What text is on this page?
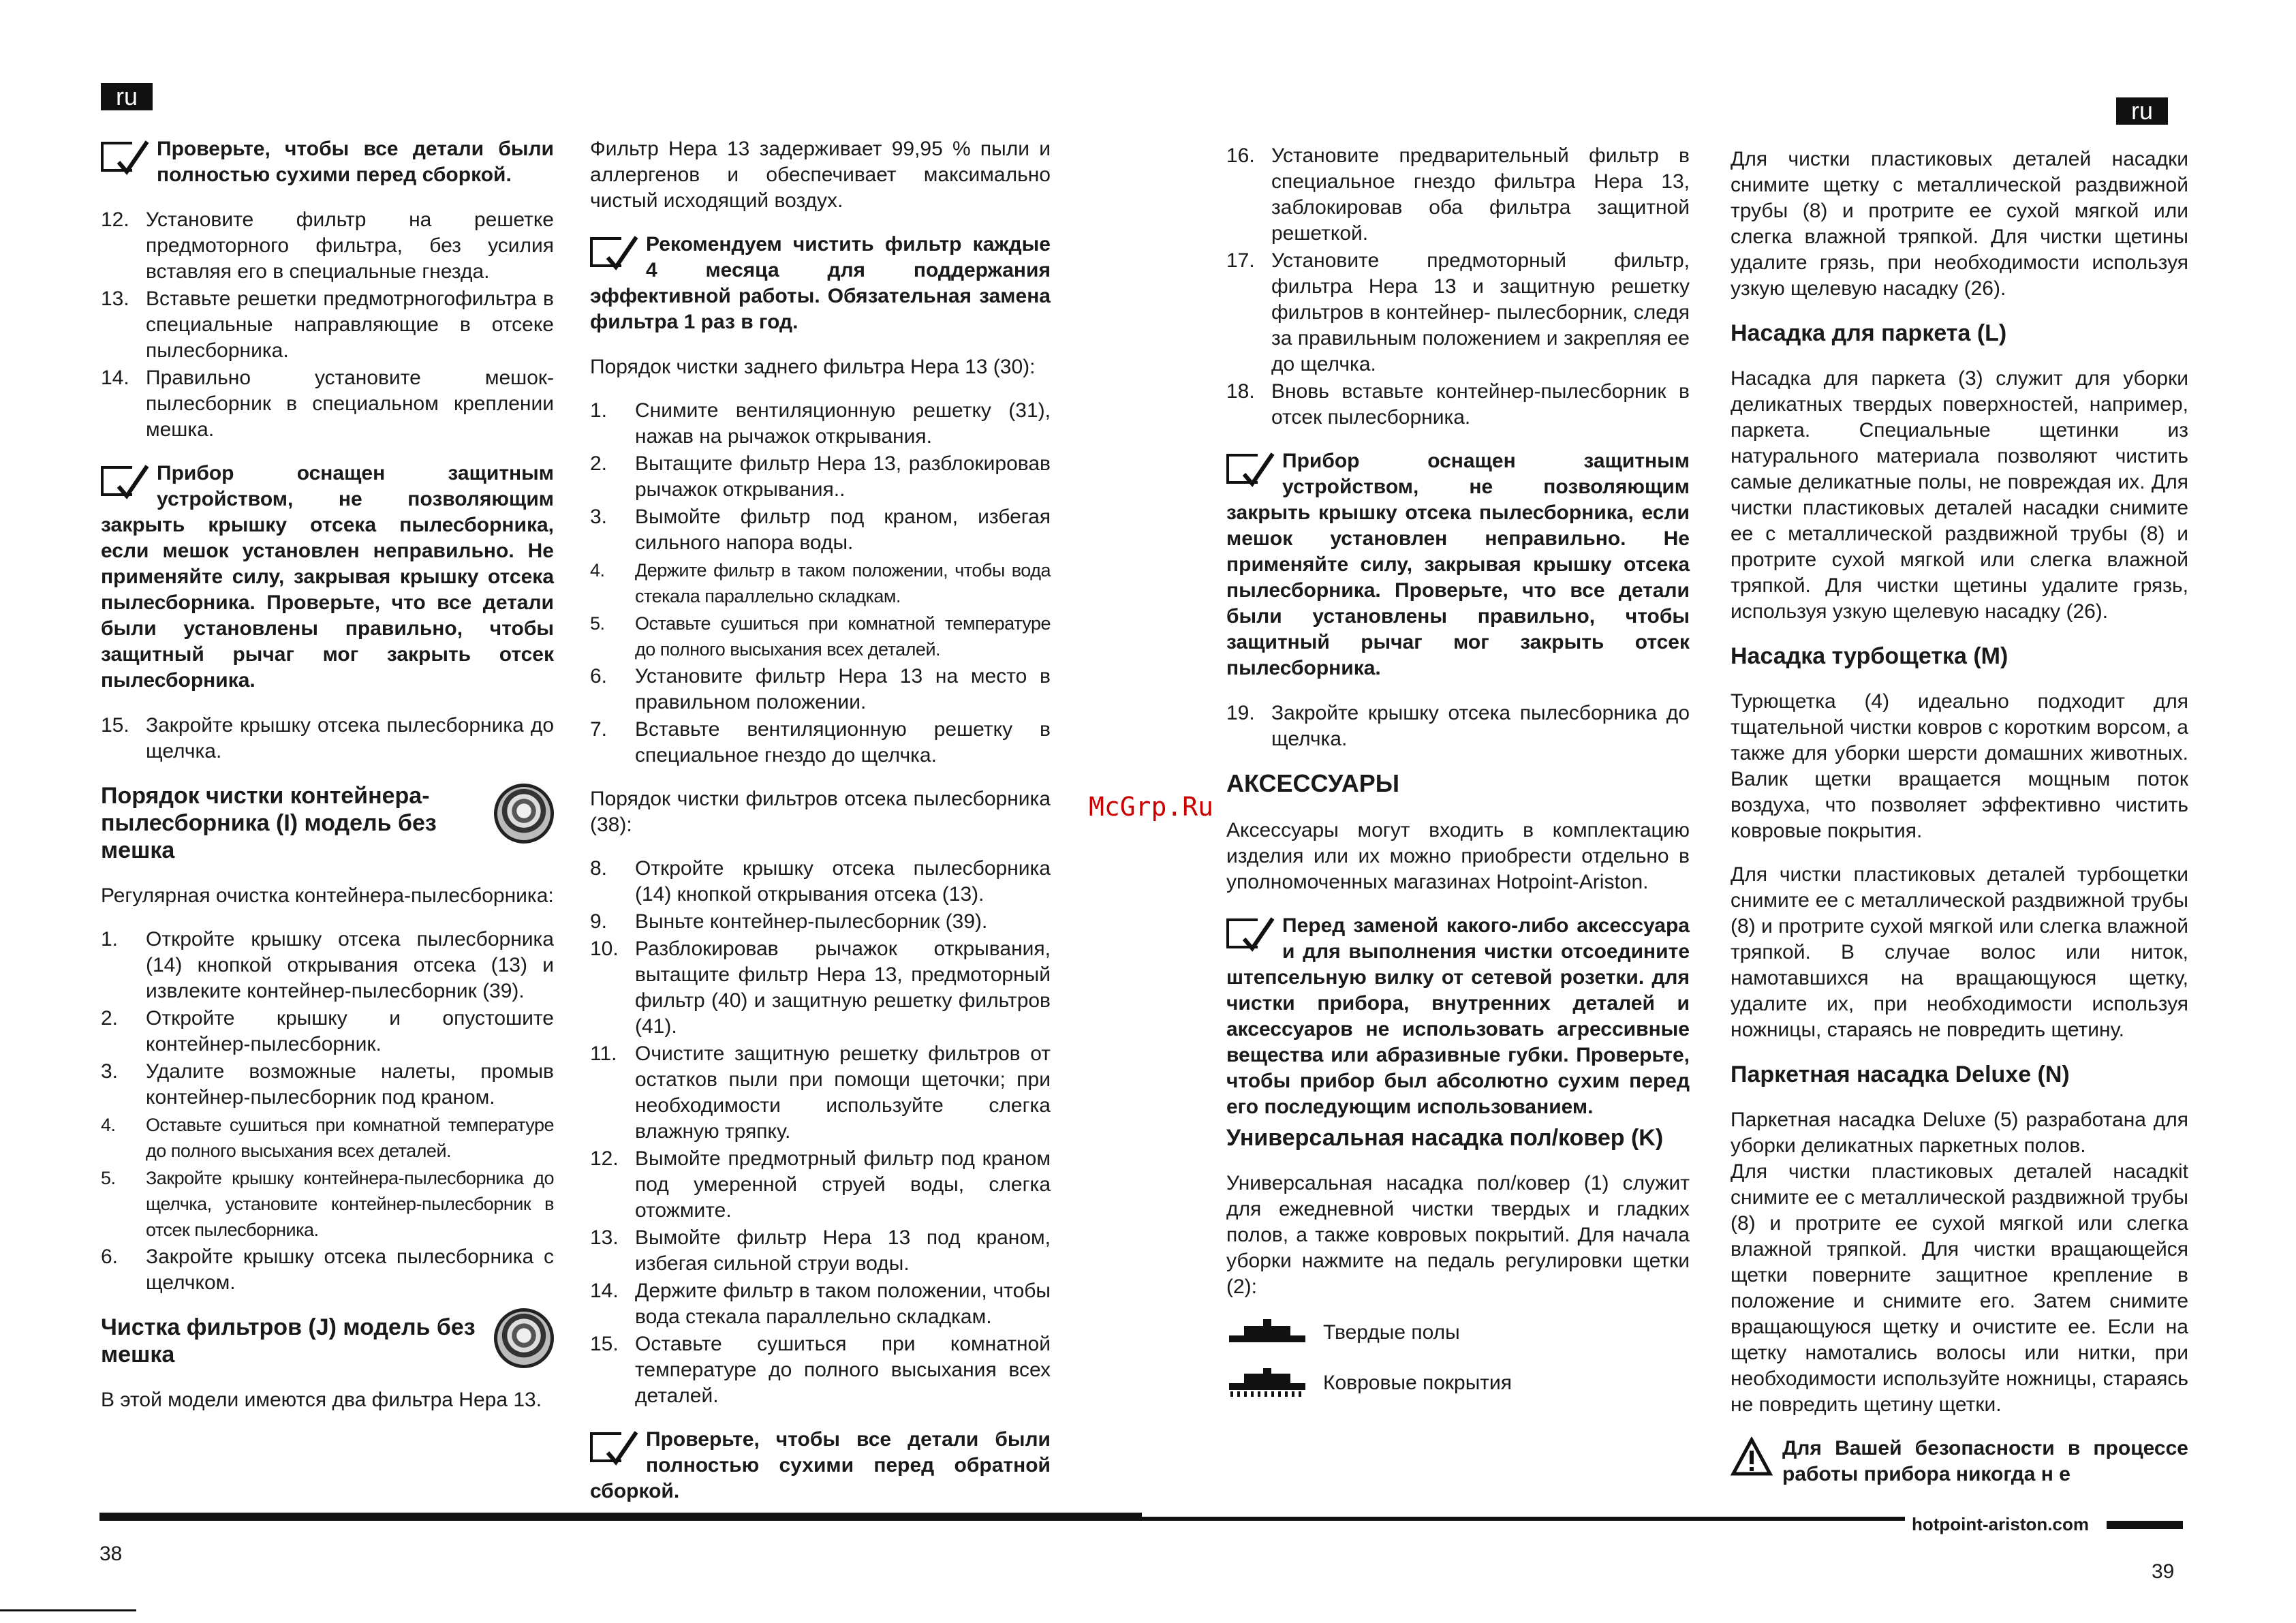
ru
ru
McGrp.Ru
Проверьте, чтобы все детали были полностью сухими перед сборкой.
12. Установите фильтр на решетке предмоторного фильтра, без усилия вставляя его в специальные гнезда.
13. Вставьте решетки предмотрногофильтра в специальные направляющие в отсеке пылесборника.
14. Правильно установите мешок-пылесборник в специальном креплении мешка.
Прибор оснащен защитным устройством, не позволяющим закрыть крышку отсека пылесборника, если мешок установлен неправильно. Не применяйте силу, закрывая крышку отсека пылесборника. Проверьте, что все детали были установлены правильно, чтобы защитный рычаг мог закрыть отсек пылесборника.
15. Закройте крышку отсека пылесборника до щелчка.
Порядок чистки контейнера-пылесборника (I) модель без мешка

Регулярная очистка контейнера-пылесборника:

1.	Откройте крышку отсека пылесборника (14) кнопкой открывания отсека (13) и извлеките контейнер-пылесборник (39).
2.	Откройте крышку и опустошите контейнер-пылесборник.
3.	Удалите возможные налеты, промыв контейнер-пылесборник под краном.
4.	Оставьте сушиться при комнатной температуре до полного высыхания всех деталей.
5.	Закройте крышку контейнера-пылесборника до щелчка, установите контейнер-пылесборник в отсек пылесборника.
6.	Закройте крышку отсека пылесборника с щелчком.
Чистка фильтров (J) модель без мешка

В этой модели имеются два фильтра Hepa 13.

Фильтр Hepa 13 задерживает 99,95 % пыли и аллергенов и обеспечивает максимально чистый исходящий воздух.

Рекомендуем чистить фильтр каждые 4 месяца для поддержания эффективной работы. Обязательная замена фильтра 1 раз в год.

Порядок чистки заднего фильтра Hepa 13 (30):

1.	Снимите вентиляционную решетку (31), нажав на рычажок открывания.
2.	Вытащите фильтр Hepa 13, разблокировав рычажок открывания..
3.	Вымойте фильтр под краном, избегая сильного напора воды.
4.	Держите фильтр в таком положении, чтобы вода стекала параллельно складкам.
5.	Оставьте сушиться при комнатной температуре до полного высыхания всех деталей.
6.	Установите фильтр Hepa 13 на место в правильном положении.
7.	Вставьте вентиляционную решетку в специальное гнездо до щелчка.

Порядок чистки фильтров отсека пылесборника (38):

8.	Откройте крышку отсека пылесборника (14) кнопкой открывания отсека (13).
9.	Выньте контейнер-пылесборник (39).
10. Разблокировав рычажок открывания, вытащите фильтр Hepa 13, предмоторный фильтр (40) и защитную решетку фильтров (41).
11. Очистите защитную решетку фильтров от остатков пыли при помощи щеточки; при необходимости используйте слегка влажную тряпку.
12. Вымойте предмотрный фильтр под краном под умеренной струей воды, слегка отожмите.
13. Вымойте фильтр Hepa 13 под краном, избегая сильной струи воды.
14. Держите фильтр в таком положении, чтобы вода стекала параллельно складкам.
15. Оставьте сушиться при комнатной температуре до полного высыхания всех деталей.
Проверьте, чтобы все детали были полностью сухими перед обратной сборкой.
16. Установите предварительный фильтр в специальное гнездо фильтра Hepa 13, заблокировав оба фильтра защитной решеткой.
17. Установите предмоторный фильтр, фильтра Hepa 13 и защитную решетку фильтров в контейнер- пылесборник, следя за правильным положением и закрепляя ее до щелчка.
18. Вновь вставьте контейнер-пылесборник в отсек пылесборника.
Прибор оснащен защитным устройством, не позволяющим закрыть крышку отсека пылесборника, если мешок установлен неправильно. Не применяйте силу, закрывая крышку отсека пылесборника. Проверьте, что все детали были установлены правильно, чтобы защитный рычаг мог закрыть отсек пылесборника.
19. Закройте крышку отсека пылесборника до щелчка.
АКСЕССУАРЫ

Аксессуары могут входить в комплектацию изделия или их можно приобрести отдельно в уполномоченных магазинах Hotpoint-Ariston.

Перед заменой какого-либо аксессуара и для выполнения чистки отсоедините штепсельную вилку от сетевой розетки. для чистки прибора, внутренних деталей и аксессуаров не использовать агрессивные вещества или абразивные губки. Проверьте, чтобы прибор был абсолютно сухим перед его последующим использованием.
Универсальная насадка пол/ковер (K)

Универсальная насадка пол/ковер (1) служит для ежедневной чистки твердых и гладких полов, а также ковровых покрытий. Для начала уборки нажмите на педаль регулировки щетки (2):

Твердые полы
Ковровые покрытия

Для чистки пластиковых деталей насадки снимите щетку с металлической раздвижной трубы (8) и протрите ее сухой мягкой или слегка влажной тряпкой. Для чистки щетины удалите грязь, при необходимости используя узкую щелевую насадку (26).

Насадка для паркета (L)

Насадка для паркета (3) служит для уборки деликатных твердых поверхностей, например, паркета. Специальные щетинки из натурального материала позволяют чистить самые деликатные полы, не повреждая их. Для чистки пластиковых деталей насадки снимите ее с металлической раздвижной трубы (8) и протрите сухой мягкой или слегка влажной тряпкой. Для чистки щетины удалите грязь, используя узкую щелевую насадку (26).

Насадка турбощетка (M)

Турющетка (4) идеально подходит для тщательной чистки ковров с коротким ворсом, а также для уборки шерсти домашних животных. Валик щетки вращается мощным поток воздуха, что позволяет эффективно чистить ковровые покрытия.

Для чистки пластиковых деталей турбощетки снимите ее с металлической раздвижной трубы (8) и протрите сухой мягкой или слегка влажной тряпкой. В случае волос или ниток, намотавшихся на вращающуюся щетку, удалите их, при необходимости используя ножницы, стараясь не повредить щетину.

Паркетная насадка Deluxe (N)

Паркетная насадка Deluxe (5) разработана для уборки деликатных паркетных полов.

Для чистки пластиковых деталей насадкit снимите ее с металлической раздвижной трубы (8) и протрите ее сухой мягкой или слегка влажной тряпкой. Для чистки вращающейся щетки поверните защитное крепление в положение и снимите его. Затем снимите вращающуюся щетку и очистите ее. Если на щетку намотались волосы или нитки, при необходимости используйте ножницы, стараясь не повредить щетину щетки.

Для Вашей безопасности в процессе работы прибора никогда н е
hotpoint-ariston.com
38
39
